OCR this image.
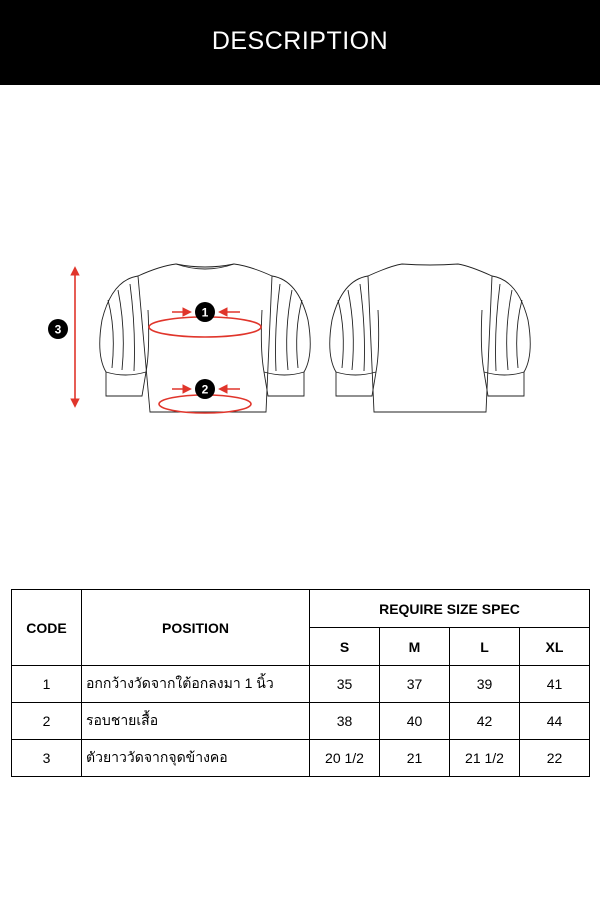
DESCRIPTION
1
2
3
CODE	POSITION	REQUIRE SIZE SPEC			
		S	M	L	XL
1	อกกว้างวัดจากใต้อกลงมา 1 นิ้ว	35	37	39	41
2	รอบชายเสื้อ	38	40	42	44
3	ตัวยาววัดจากจุดข้างคอ	20 1/2	21	21 1/2	22
